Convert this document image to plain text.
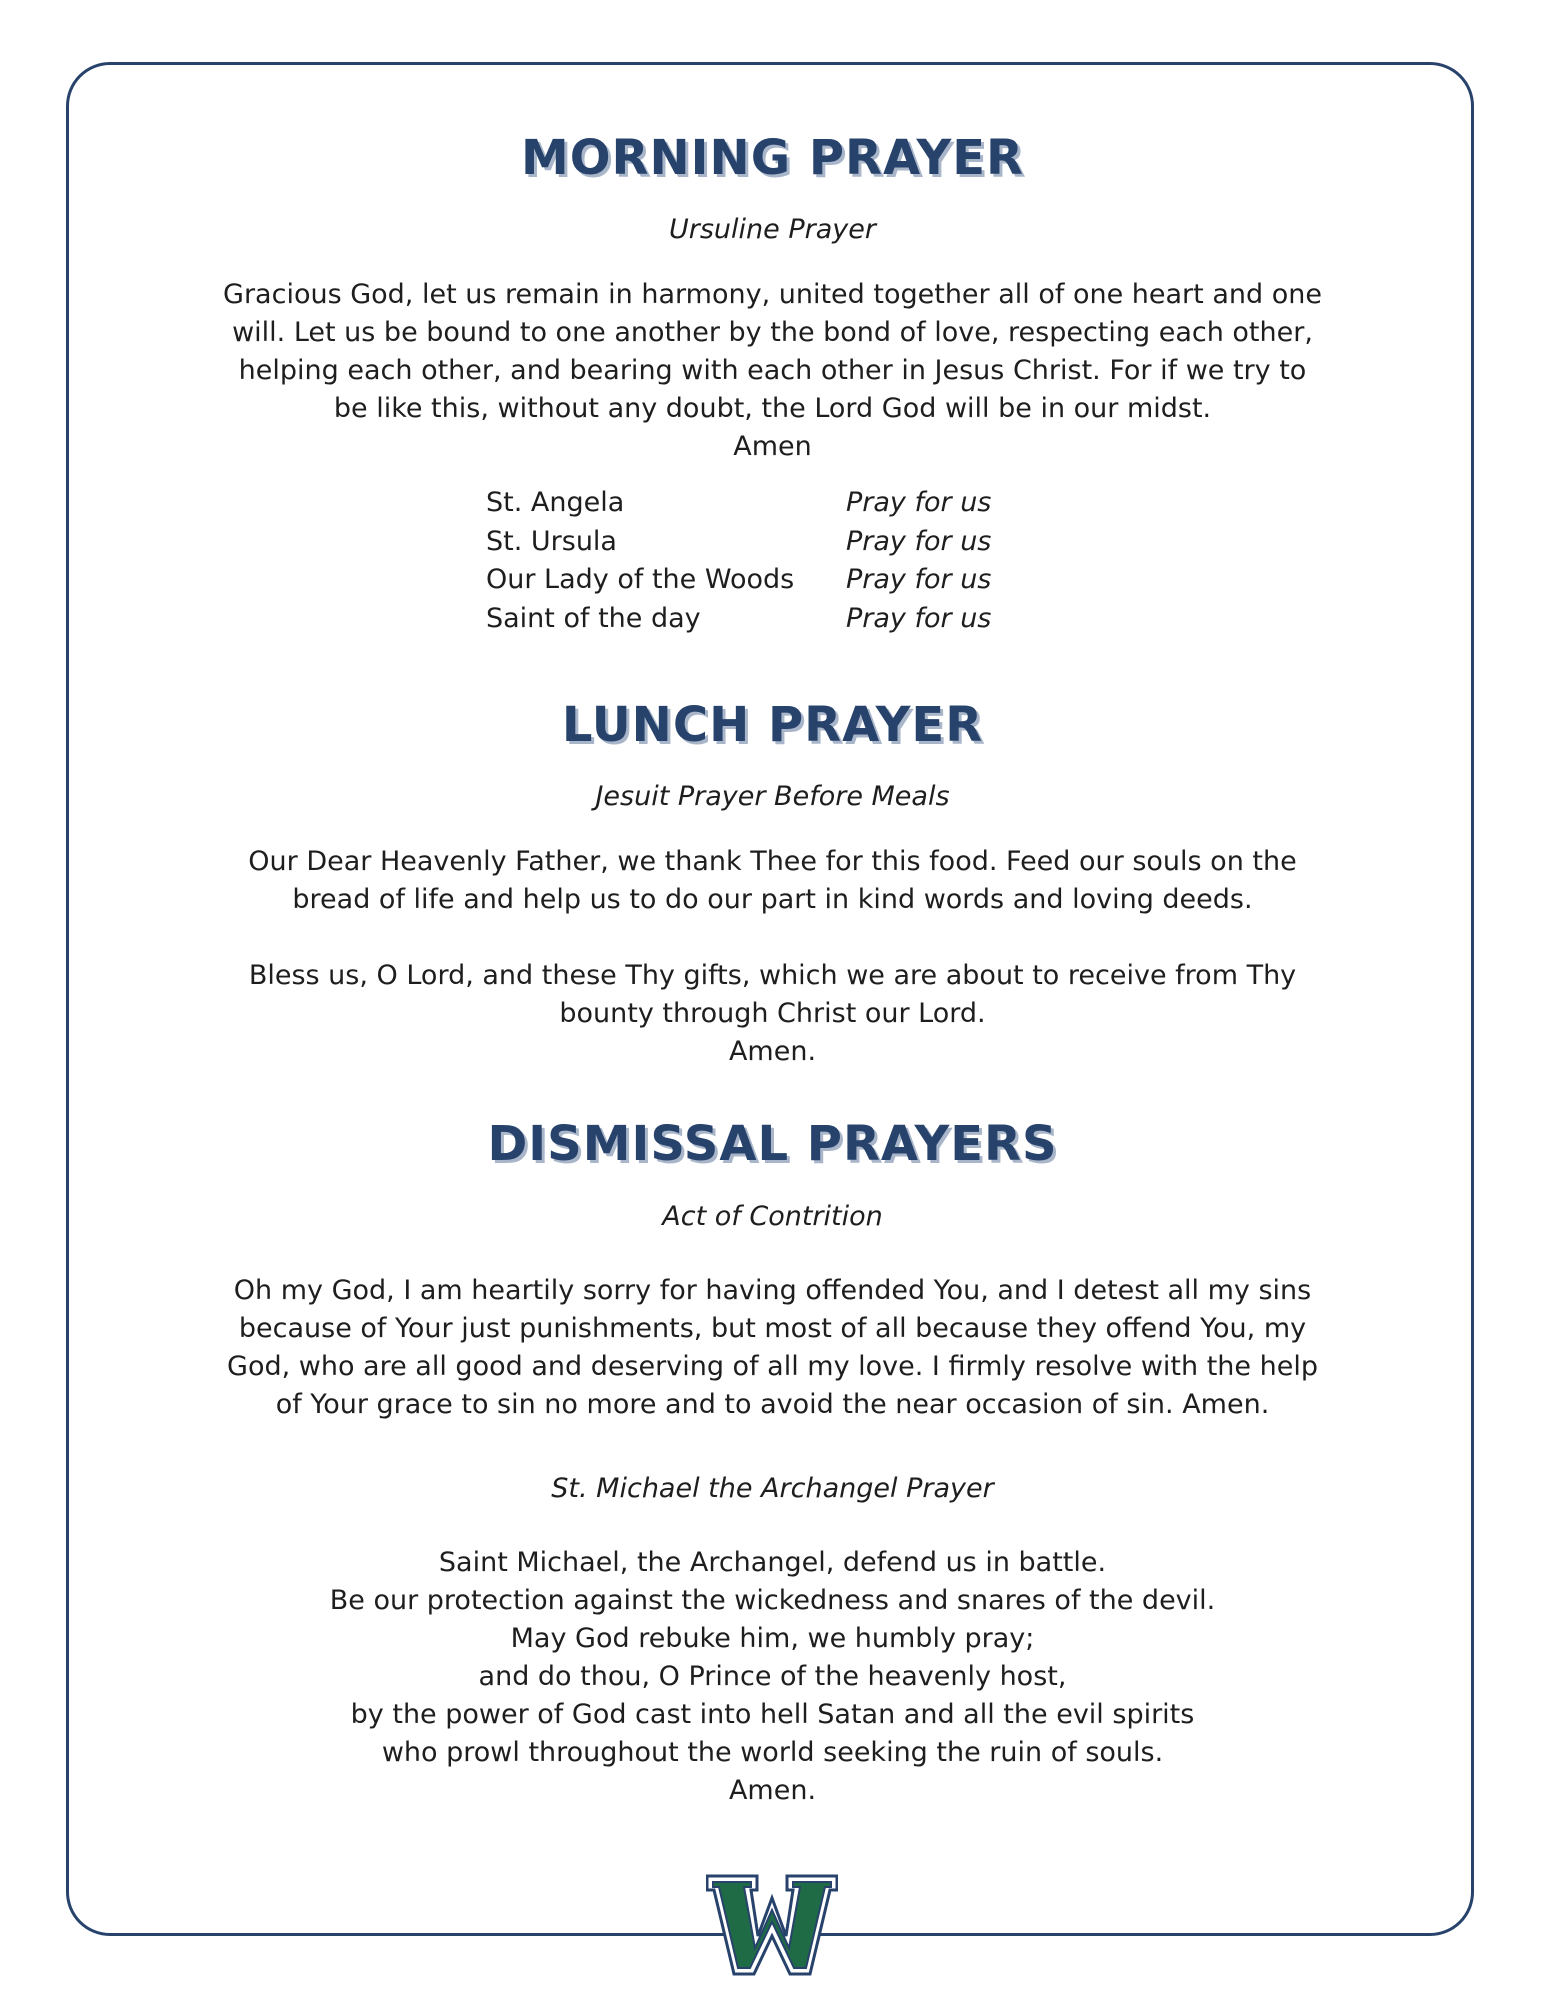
MORNING PRAYER
Ursuline Prayer
Gracious God, let us remain in harmony, united together all of one heart and one
will. Let us be bound to one another by the bond of love, respecting each other,
helping each other, and bearing with each other in Jesus Christ. For if we try to
be like this, without any doubt, the Lord God will be in our midst.
Amen
St. Angela	Pray for us
St. Ursula	Pray for us
Our Lady of the Woods Pray for us
Saint of the day	Pray for us
LUNCH PRAYER
Jesuit Prayer Before Meals
Our Dear Heavenly Father, we thank Thee for this food. Feed our souls on the
bread of life and help us to do our part in kind words and loving deeds.
Bless us, O Lord, and these Thy gifts, which we are about to receive from Thy
bounty through Christ our Lord.
Amen.
DISMISSAL PRAYERS
Act of Contrition
Oh my God, I am heartily sorry for having offended You, and I detest all my sins
because of Your just punishments, but most of all because they offend You, my
God, who are all good and deserving of all my love. I firmly resolve with the help
of Your grace to sin no more and to avoid the near occasion of sin. Amen.
St. Michael the Archangel Prayer
Saint Michael, the Archangel, defend us in battle.
Be our protection against the wickedness and snares of the devil.
May God rebuke him, we humbly pray;
and do thou, O Prince of the heavenly host,
by the power of God cast into hell Satan and all the evil spirits
who prowl throughout the world seeking the ruin of souls.
Amen.
